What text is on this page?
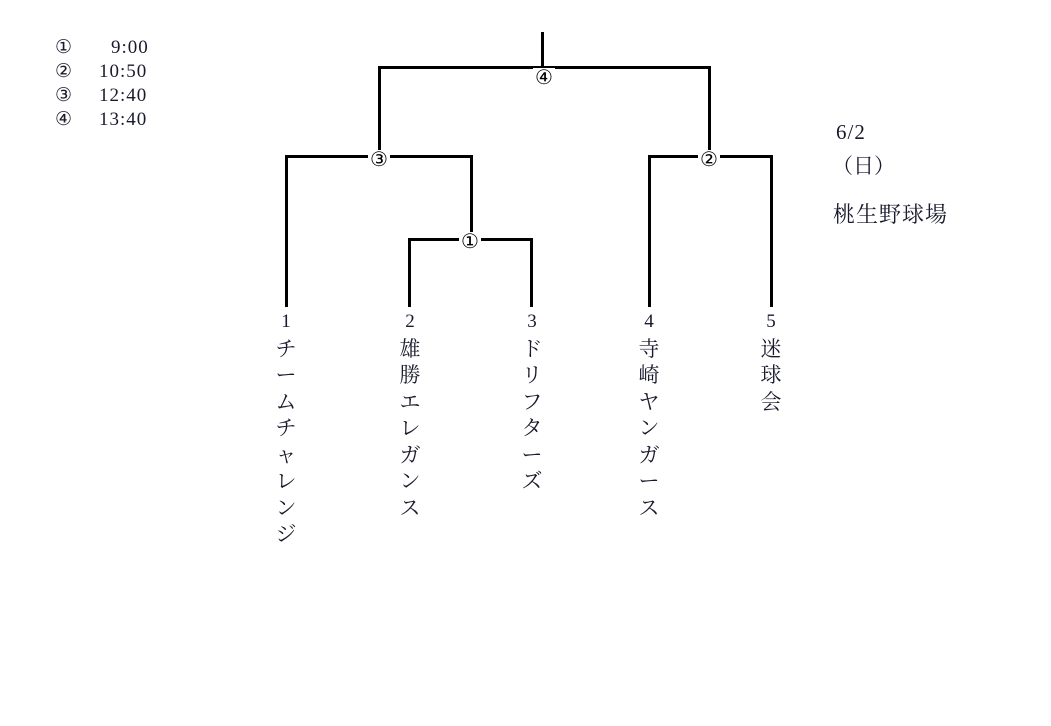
①	9:00
②	10:50
③	12:40
④	13:40
6/2
（日）
桃生野球場
④
③	②
①
1	2	3	4	5
チ
ー
ム
チ
ャ
レ
ン
ジ
雄
勝
エ
レ
ガ
ン
ス
ド
リ
フ
タ
ー
ズ
寺
崎
ヤ
ン
ガ
ー
ス
迷
球
会
